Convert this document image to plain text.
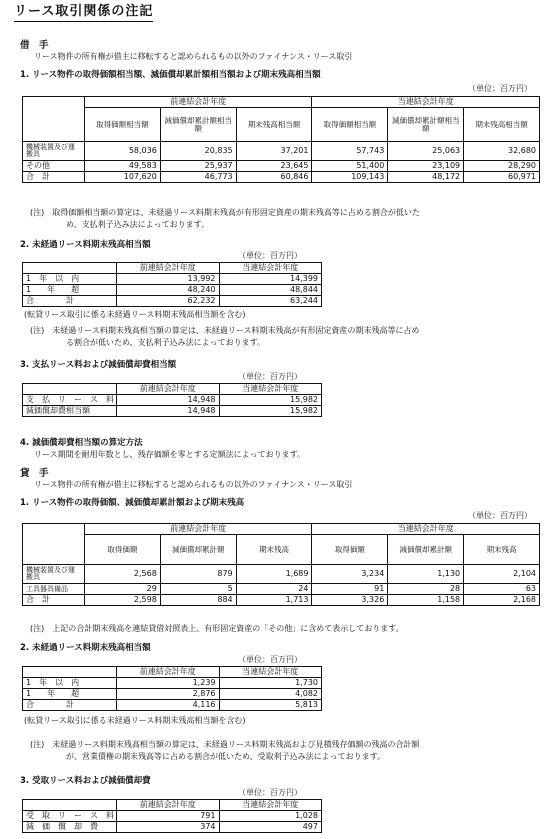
リース取引関係の注記
借　手
リース物件の所有権が借主に移転すると認められるもの以外のファイナンス・リース取引
1. リース物件の取得価額相当額、減価償却累計額相当額および期末残高相当額
（単位：百万円）
	前連結会計年度			当連結会計年度		
	取得価額相当額	減価償却累計額相当額	期末残高相当額	取得価額相当額	減価償却累計額相当額	期末残高相当額
機械装置及び運搬具	58,036	20,835	37,201	57,743	25,063	32,680
その他	49,583	25,937	23,645	51,400	23,109	28,290
合　計	107,620	46,773	60,846	109,143	48,172	60,971
(注)　取得価額相当額の算定は、未経過リース料期末残高が有形固定資産の期末残高等に占める割合が低いた
め、支払利子込み法によっております。
2. 未経過リース料期末残高相当額
（単位：百万円）
	前連結会計年度	当連結会計年度
1　年　以　内	13,992	14,399
1　　年　　超	48,240	48,844
合　　　　計	62,232	63,244
(転貸リース取引に係る未経過リース料期末残高相当額を含む)
(注)　未経過リース料期末残高相当額の算定は、未経過リース料期末残高が有形固定資産の期末残高等に占め
る割合が低いため、支払利子込み法によっております。
3. 支払リース料および減価償却費相当額
（単位：百万円）
	前連結会計年度	当連結会計年度
支　払　リ　ー　ス　料	14,948	15,982
減価償却費相当額	14,948	15,982
4. 減価償却費相当額の算定方法
リース期間を耐用年数とし、残存価額を零とする定額法によっております。
貸　手
リース物件の所有権が借主に移転すると認められるもの以外のファイナンス・リース取引
1. リース物件の取得価額、減価償却累計額および期末残高
（単位：百万円）
	前連結会計年度			当連結会計年度		
	取得価額	減価償却累計額	期末残高	取得価額	減価償却累計額	期末残高
機械装置及び運搬具	2,568	879	1,689	3,234	1,130	2,104
工具器具備品	29	5	24	91	28	63
合　計	2,598	884	1,713	3,326	1,158	2,168
(注)　上記の合計期末残高を連結貸借対照表上、有形固定資産の「その他」に含めて表示しております。
2. 未経過リース料期末残高相当額
（単位：百万円）
	前連結会計年度	当連結会計年度
1　年　以　内	1,239	1,730
1　　年　　超	2,876	4,082
合　　　　計	4,116	5,813
(転貸リース取引に係る未経過リース料期末残高相当額を含む)
(注)　未経過リース料期末残高相当額の算定は、未経過リース料期末残高および見積残存価額の残高の合計額
が、営業債権の期末残高等に占める割合が低いため、受取利子込み法によっております。
3. 受取リース料および減価償却費
（単位：百万円）
	前連結会計年度	当連結会計年度
受　取　リ　ー　ス　料	791	1,028
減　価　償　却　費	374	497
